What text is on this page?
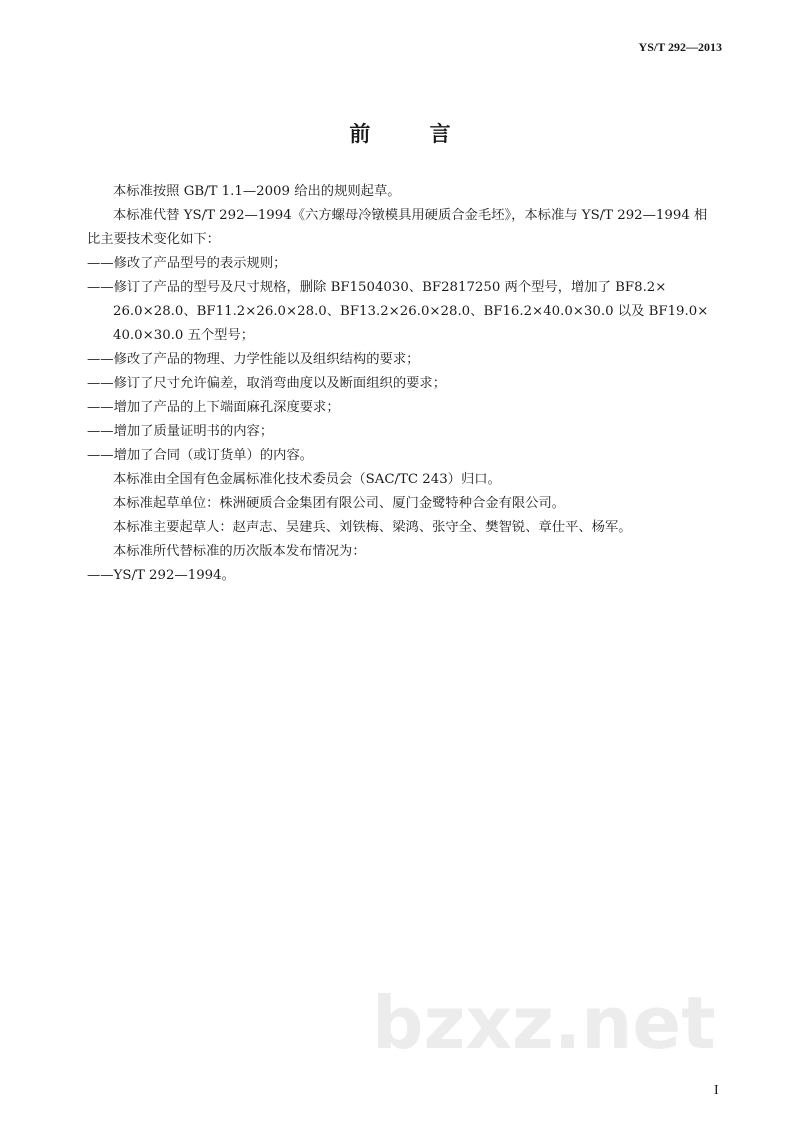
YS/T 292—2013
前 言
本标准按照 GB/T 1.1—2009 给出的规则起草。
本标准代替 YS/T 292—1994《六方螺母冷镦模具用硬质合金毛坯》，本标准与 YS/T 292—1994 相
比主要技术变化如下：
——修改了产品型号的表示规则；
——修订了产品的型号及尺寸规格，删除 BF1504030、BF2817250 两个型号，增加了 BF8.2×
26.0×28.0、BF11.2×26.0×28.0、BF13.2×26.0×28.0、BF16.2×40.0×30.0 以及 BF19.0×
40.0×30.0 五个型号；
——修改了产品的物理、力学性能以及组织结构的要求；
——修订了尺寸允许偏差，取消弯曲度以及断面组织的要求；
——增加了产品的上下端面麻孔深度要求；
——增加了质量证明书的内容；
——增加了合同（或订货单）的内容。
本标准由全国有色金属标准化技术委员会（SAC/TC 243）归口。
本标准起草单位：株洲硬质合金集团有限公司、厦门金鹭特种合金有限公司。
本标准主要起草人：赵声志、吴建兵、刘铁梅、梁鸿、张守全、樊智锐、章仕平、杨军。
本标准所代替标准的历次版本发布情况为：
——YS/T 292—1994。
bzxz.net
I
